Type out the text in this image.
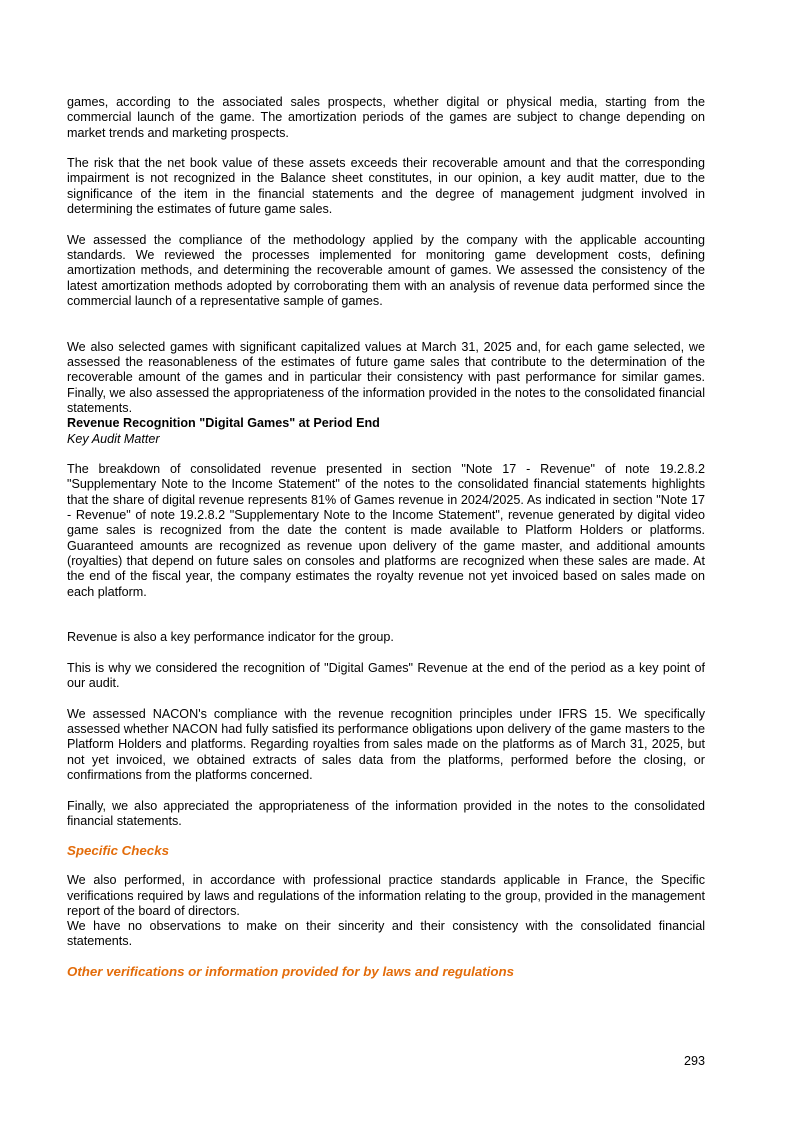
games, according to the associated sales prospects, whether digital or physical media, starting from the commercial launch of the game. The amortization periods of the games are subject to change depending on market trends and marketing prospects.

The risk that the net book value of these assets exceeds their recoverable amount and that the corresponding impairment is not recognized in the Balance sheet constitutes, in our opinion, a key audit matter, due to the significance of the item in the financial statements and the degree of management judgment involved in determining the estimates of future game sales.

We assessed the compliance of the methodology applied by the company with the applicable accounting standards. We reviewed the processes implemented for monitoring game development costs, defining amortization methods, and determining the recoverable amount of games. We assessed the consistency of the latest amortization methods adopted by corroborating them with an analysis of revenue data performed since the commercial launch of a representative sample of games.

We also selected games with significant capitalized values at March 31, 2025 and, for each game selected, we assessed the reasonableness of the estimates of future game sales that contribute to the determination of the recoverable amount of the games and in particular their consistency with past performance for similar games. Finally, we also assessed the appropriateness of the information provided in the notes to the consolidated financial statements.

Revenue Recognition "Digital Games" at Period End

Key Audit Matter

The breakdown of consolidated revenue presented in section "Note 17 - Revenue" of note 19.2.8.2 "Supplementary Note to the Income Statement" of the notes to the consolidated financial statements highlights that the share of digital revenue represents 81% of Games revenue in 2024/2025. As indicated in section "Note 17 - Revenue" of note 19.2.8.2 "Supplementary Note to the Income Statement", revenue generated by digital video game sales is recognized from the date the content is made available to Platform Holders or platforms. Guaranteed amounts are recognized as revenue upon delivery of the game master, and additional amounts (royalties) that depend on future sales on consoles and platforms are recognized when these sales are made. At the end of the fiscal year, the company estimates the royalty revenue not yet invoiced based on sales made on each platform.

Revenue is also a key performance indicator for the group.

This is why we considered the recognition of "Digital Games" Revenue at the end of the period as a key point of our audit.

We assessed NACON's compliance with the revenue recognition principles under IFRS 15. We specifically assessed whether NACON had fully satisfied its performance obligations upon delivery of the game masters to the Platform Holders and platforms. Regarding royalties from sales made on the platforms as of March 31, 2025, but not yet invoiced, we obtained extracts of sales data from the platforms, performed before the closing, or confirmations from the platforms concerned.

Finally, we also appreciated the appropriateness of the information provided in the notes to the consolidated financial statements.

Specific Checks

We also performed, in accordance with professional practice standards applicable in France, the Specific verifications required by laws and regulations of the information relating to the group, provided in the management report of the board of directors.

We have no observations to make on their sincerity and their consistency with the consolidated financial statements.

Other verifications or information provided for by laws and regulations

293
